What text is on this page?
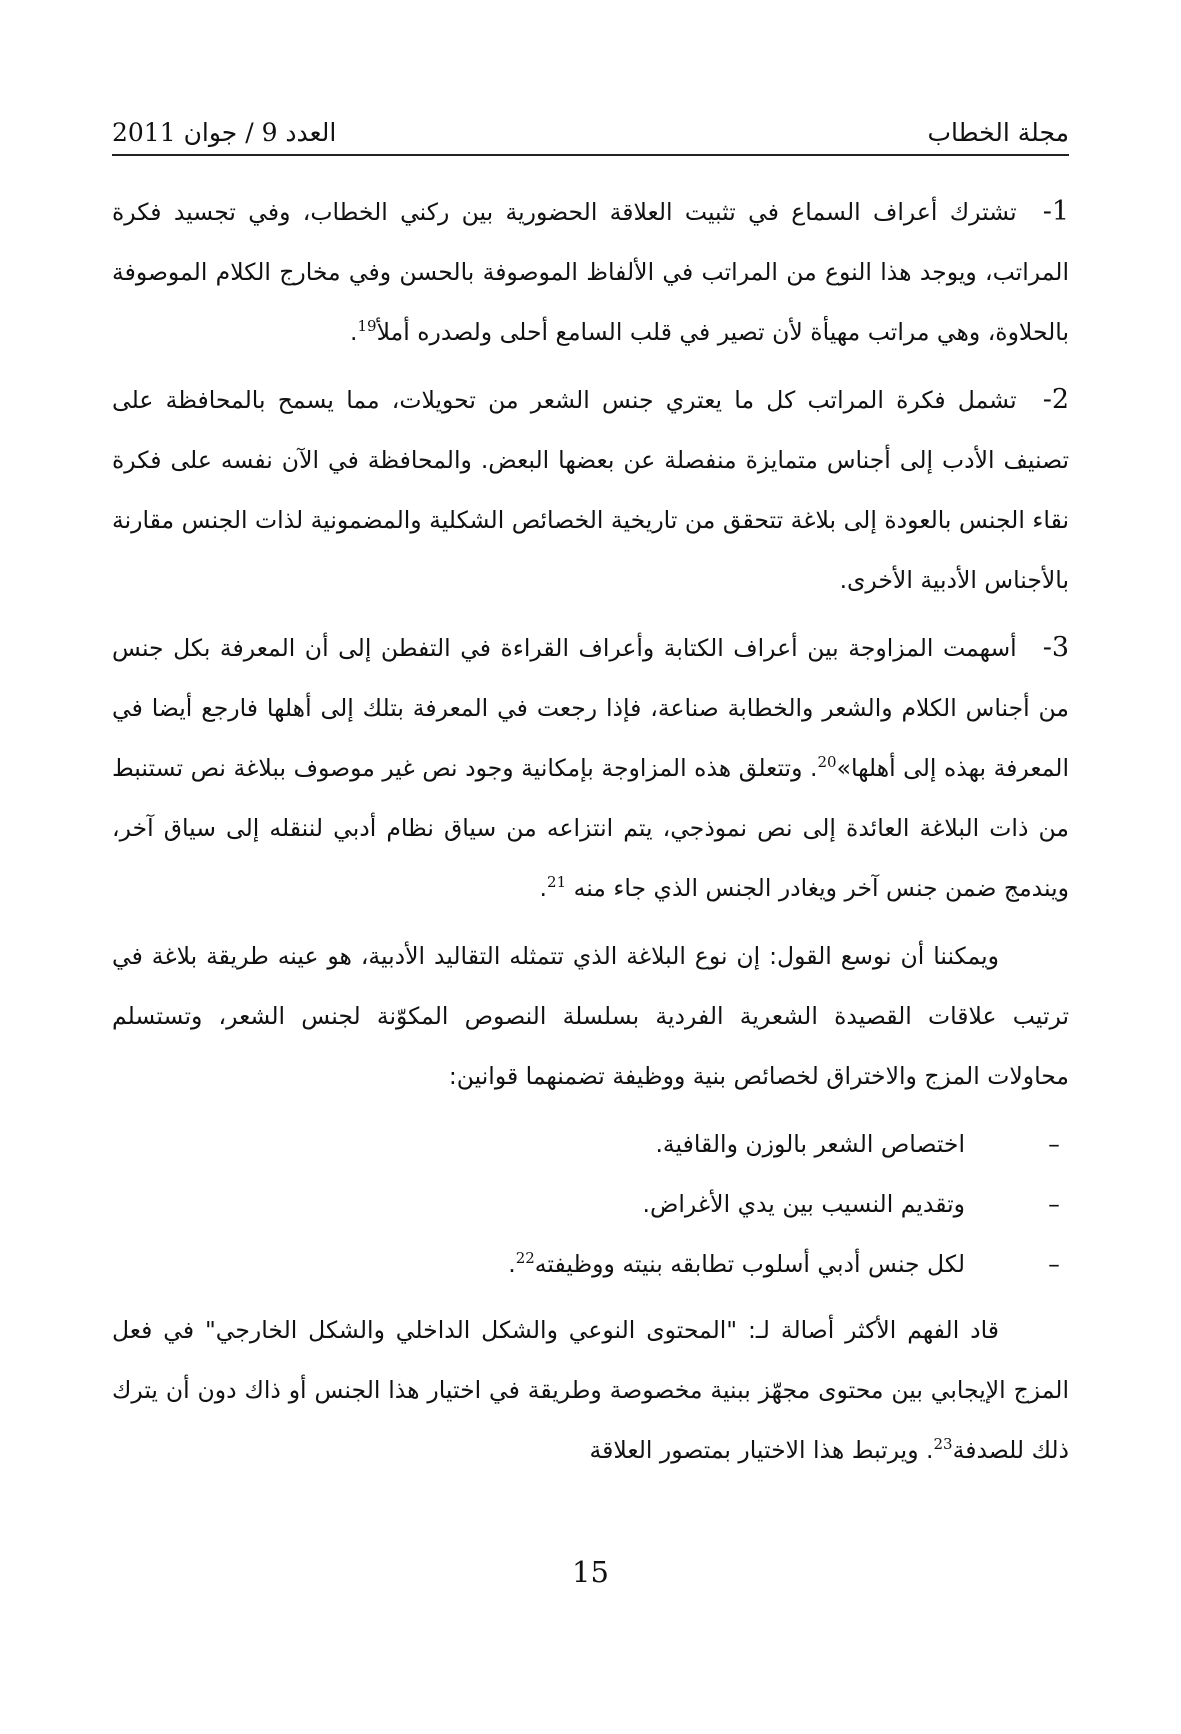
مجلة الخطاب
العدد 9 / جوان 2011

1-تشترك أعراف السماع في تثبيت العلاقة الحضورية بين ركني الخطاب، وفي تجسيد فكرة المراتب، ويوجد هذا النوع من المراتب في الألفاظ الموصوفة بالحسن وفي مخارج الكلام الموصوفة بالحلاوة، وهي مراتب مهيأة لأن تصير في قلب السامع أحلى ولصدره أملأ$^{19}$.

2-تشمل فكرة المراتب كل ما يعتري جنس الشعر من تحويلات، مما يسمح بالمحافظة على تصنيف الأدب إلى أجناس متمايزة منفصلة عن بعضها البعض. والمحافظة في الآن نفسه على فكرة نقاء الجنس بالعودة إلى بلاغة تتحقق من تاريخية الخصائص الشكلية والمضمونية لذات الجنس مقارنة بالأجناس الأدبية الأخرى.

3-أسهمت المزاوجة بين أعراف الكتابة وأعراف القراءة في التفطن إلى أن المعرفة بكل جنس من أجناس الكلام والشعر والخطابة صناعة، فإذا رجعت في المعرفة بتلك إلى أهلها فارجع أيضا في المعرفة بهذه إلى أهلها»$^{20}$. وتتعلق هذه المزاوجة بإمكانية وجود نص غير موصوف ببلاغة نص تستنبط من ذات البلاغة العائدة إلى نص نموذجي، يتم انتزاعه من سياق نظام أدبي لننقله إلى سياق آخر، ويندمج ضمن جنس آخر ويغادر الجنس الذي جاء منه $^{21}$.

ويمكننا أن نوسع القول: إن نوع البلاغة الذي تتمثله التقاليد الأدبية، هو عينه طريقة بلاغة في ترتيب علاقات القصيدة الشعرية الفردية بسلسلة النصوص المكوّنة لجنس الشعر، وتستسلم محاولات المزج والاختراق لخصائص بنية ووظيفة تضمنهما قوانين:

–
اختصاص الشعر بالوزن والقافية.
–
وتقديم النسيب بين يدي الأغراض.
–
لكل جنس أدبي أسلوب تطابقه بنيته ووظيفته$^{22}$.

قاد الفهم الأكثر أصالة لـ: "المحتوى النوعي والشكل الداخلي والشكل الخارجي" في فعل المزج الإيجابي بين محتوى مجهّز ببنية مخصوصة وطريقة في اختيار هذا الجنس أو ذاك دون أن يترك ذلك للصدفة$^{23}$. ويرتبط هذا الاختيار بمتصور العلاقة

15
